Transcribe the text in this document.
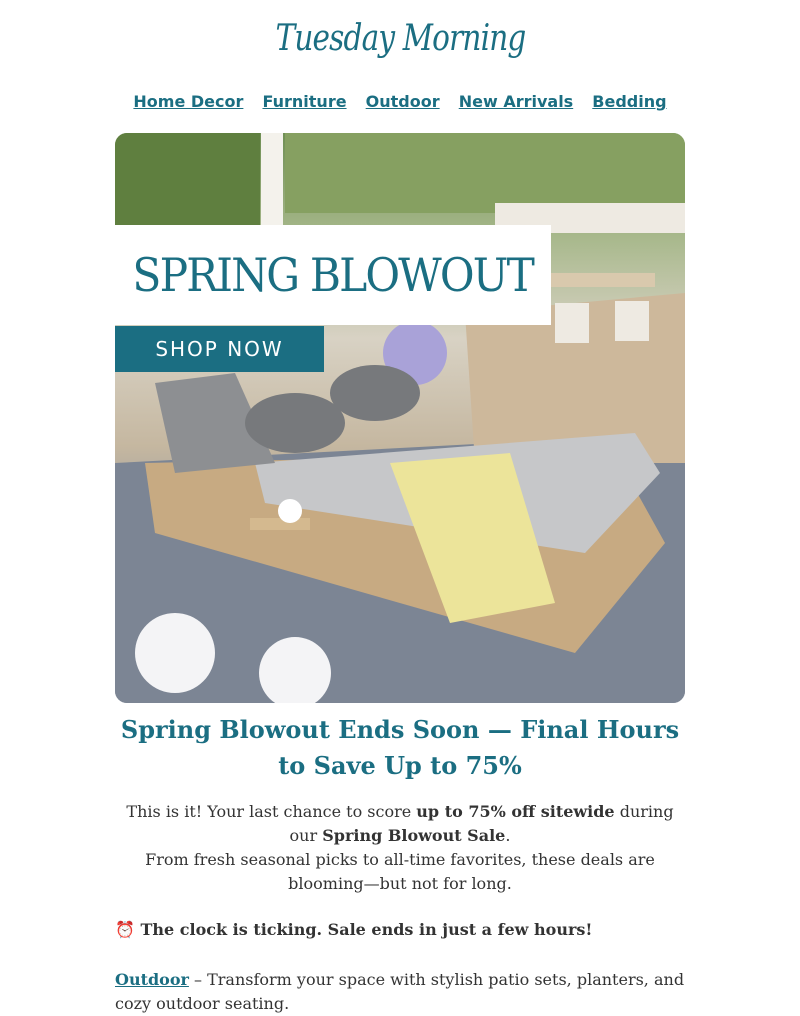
Tuesday Morning
Home Decor Furniture Outdoor New Arrivals Bedding
SPRING BLOWOUT
SHOP NOW
Spring Blowout Ends Soon — Final Hours to Save Up to 75%
This is it! Your last chance to score up to 75% off sitewide during our Spring Blowout Sale.
From fresh seasonal picks to all-time favorites, these deals are blooming—but not for long.
⏰ The clock is ticking. Sale ends in just a few hours!
Outdoor – Transform your space with stylish patio sets, planters, and cozy outdoor seating.
